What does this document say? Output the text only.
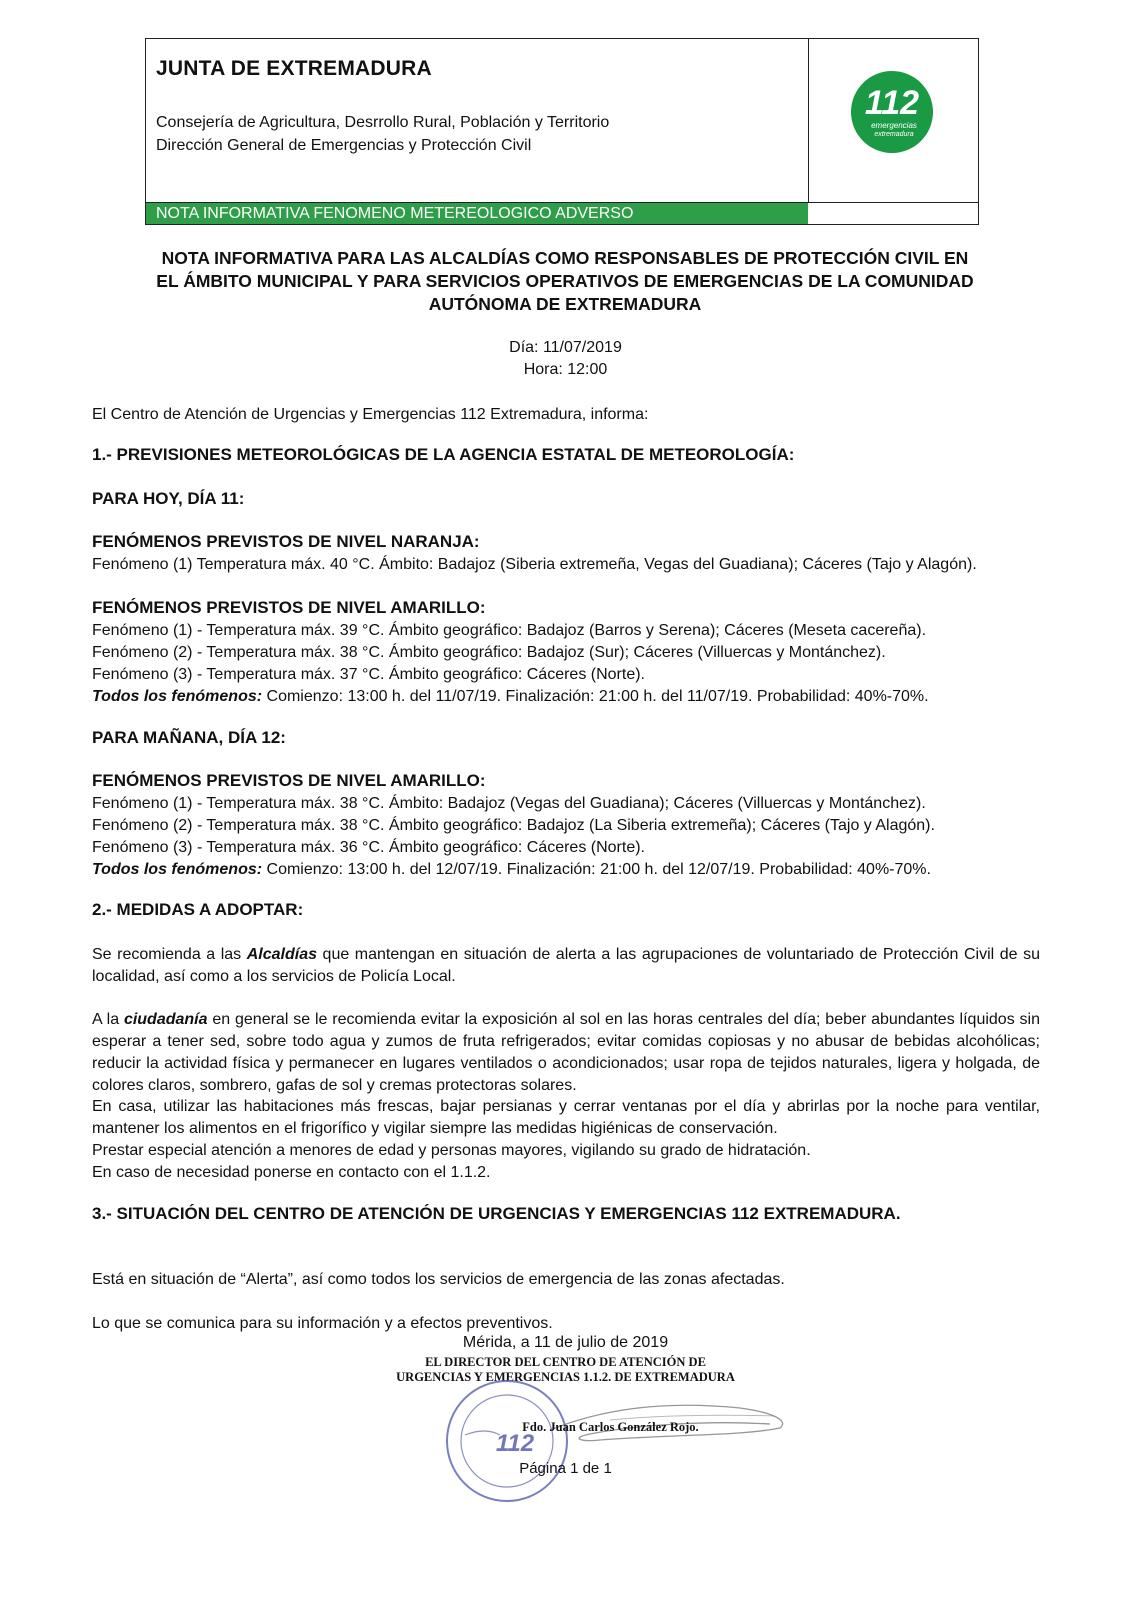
JUNTA DE EXTREMADURA
Consejería de Agricultura, Desrrollo Rural, Población y Territorio
Dirección General de Emergencias y Protección Civil
112
emergencias
extremadura
NOTA INFORMATIVA FENOMENO METEREOLOGICO ADVERSO
NOTA INFORMATIVA PARA LAS ALCALDÍAS COMO RESPONSABLES DE PROTECCIÓN CIVIL EN
EL ÁMBITO MUNICIPAL Y PARA SERVICIOS OPERATIVOS DE EMERGENCIAS DE LA COMUNIDAD
AUTÓNOMA DE EXTREMADURA
Día: 11/07/2019
Hora: 12:00
El Centro de Atención de Urgencias y Emergencias 112 Extremadura, informa:
1.- PREVISIONES METEOROLÓGICAS DE LA AGENCIA ESTATAL DE METEOROLOGÍA:
PARA HOY, DÍA 11:
FENÓMENOS PREVISTOS DE NIVEL NARANJA:
Fenómeno (1) Temperatura máx. 40 °C. Ámbito: Badajoz (Siberia extremeña, Vegas del Guadiana); Cáceres (Tajo y Alagón).
FENÓMENOS PREVISTOS DE NIVEL AMARILLO:
Fenómeno (1) - Temperatura máx. 39 °C. Ámbito geográfico: Badajoz (Barros y Serena); Cáceres (Meseta cacereña).
Fenómeno (2) - Temperatura máx. 38 °C. Ámbito geográfico: Badajoz (Sur); Cáceres (Villuercas y Montánchez).
Fenómeno (3) - Temperatura máx. 37 °C. Ámbito geográfico: Cáceres (Norte).
Todos los fenómenos: Comienzo: 13:00 h. del 11/07/19. Finalización: 21:00 h. del 11/07/19. Probabilidad: 40%-70%.
PARA MAÑANA, DÍA 12:
FENÓMENOS PREVISTOS DE NIVEL AMARILLO:
Fenómeno (1) - Temperatura máx. 38 °C. Ámbito: Badajoz (Vegas del Guadiana); Cáceres (Villuercas y Montánchez).
Fenómeno (2) - Temperatura máx. 38 °C. Ámbito geográfico: Badajoz (La Siberia extremeña); Cáceres (Tajo y Alagón).
Fenómeno (3) - Temperatura máx. 36 °C. Ámbito geográfico: Cáceres (Norte).
Todos los fenómenos: Comienzo: 13:00 h. del 12/07/19. Finalización: 21:00 h. del 12/07/19. Probabilidad: 40%-70%.
2.- MEDIDAS A ADOPTAR:
Se recomienda a las Alcaldías que mantengan en situación de alerta a las agrupaciones de voluntariado de Protección Civil de su localidad, así como a los servicios de Policía Local.
A la ciudadanía en general se le recomienda evitar la exposición al sol en las horas centrales del día; beber abundantes líquidos sin esperar a tener sed, sobre todo agua y zumos de fruta refrigerados; evitar comidas copiosas y no abusar de bebidas alcohólicas; reducir la actividad física y permanecer en lugares ventilados o acondicionados; usar ropa de tejidos naturales, ligera y holgada, de colores claros, sombrero, gafas de sol y cremas protectoras solares.
En casa, utilizar las habitaciones más frescas, bajar persianas y cerrar ventanas por el día y abrirlas por la noche para ventilar, mantener los alimentos en el frigorífico y vigilar siempre las medidas higiénicas de conservación.
Prestar especial atención a menores de edad y personas mayores, vigilando su grado de hidratación.
En caso de necesidad ponerse en contacto con el 1.1.2.
3.- SITUACIÓN DEL CENTRO DE ATENCIÓN DE URGENCIAS Y EMERGENCIAS 112 EXTREMADURA.
Está en situación de “Alerta”, así como todos los servicios de emergencia de las zonas afectadas.
Lo que se comunica para su información y a efectos preventivos.
Mérida, a 11 de julio de 2019
EL DIRECTOR DEL CENTRO DE ATENCIÓN DE
URGENCIAS Y EMERGENCIAS 1.1.2. DE EXTREMADURA
112
Fdo. Juan Carlos González Rojo.
Página 1 de 1
